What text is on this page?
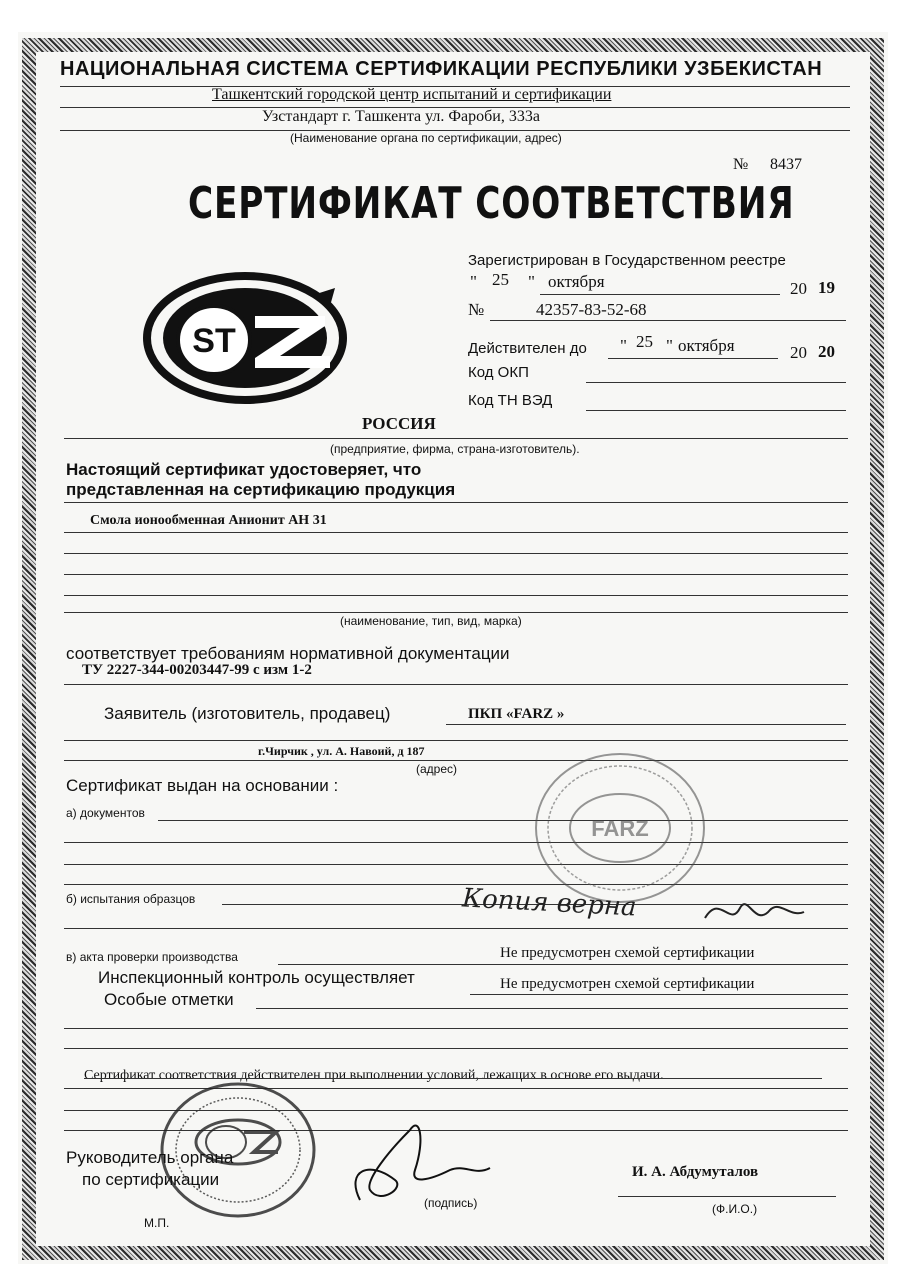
НАЦИОНАЛЬНАЯ СИСТЕМА СЕРТИФИКАЦИИ РЕСПУБЛИКИ УЗБЕКИСТАН
Ташкентский городской центр испытаний и сертификации
Узстандарт г. Ташкента ул. Фароби, 333а
(Наименование органа по сертификации, адрес)
№ 8437
СЕРТИФИКАТ СООТВЕТСТВИЯ
ST
Зарегистрирован в Государственном реестре
" 25 " октября	20 19
№	42357-83-52-68
Действителен до " 25 " октября	20 20
Код ОКП
Код ТН ВЭД
РОССИЯ
(предприятие, фирма, страна-изготовитель).
Настоящий сертификат удостоверяет, что
представленная на сертификацию продукция
Смола ионообменная Анионит АН 31
(наименование, тип, вид, марка)
соответствует требованиям нормативной документации
ТУ 2227-344-00203447-99 с изм 1-2
Заявитель (изготовитель, продавец)	ПКП «FARZ »
г.Чирчик , ул. А. Навоий, д 187
(адрес)
Сертификат выдан на основании :
а) документов
б) испытания образцов
FARZ
Копия верна
в) акта проверки производства	Не предусмотрен схемой сертификации
Инспекционный контроль осуществляет	Не предусмотрен схемой сертификации
Особые отметки
Сертификат соответствия действителен при выполнении условий, лежащих в основе его выдачи.
Руководитель органа
по сертификации
(подпись)
И. А. Абдумуталов
(Ф.И.О.)
М.П.
